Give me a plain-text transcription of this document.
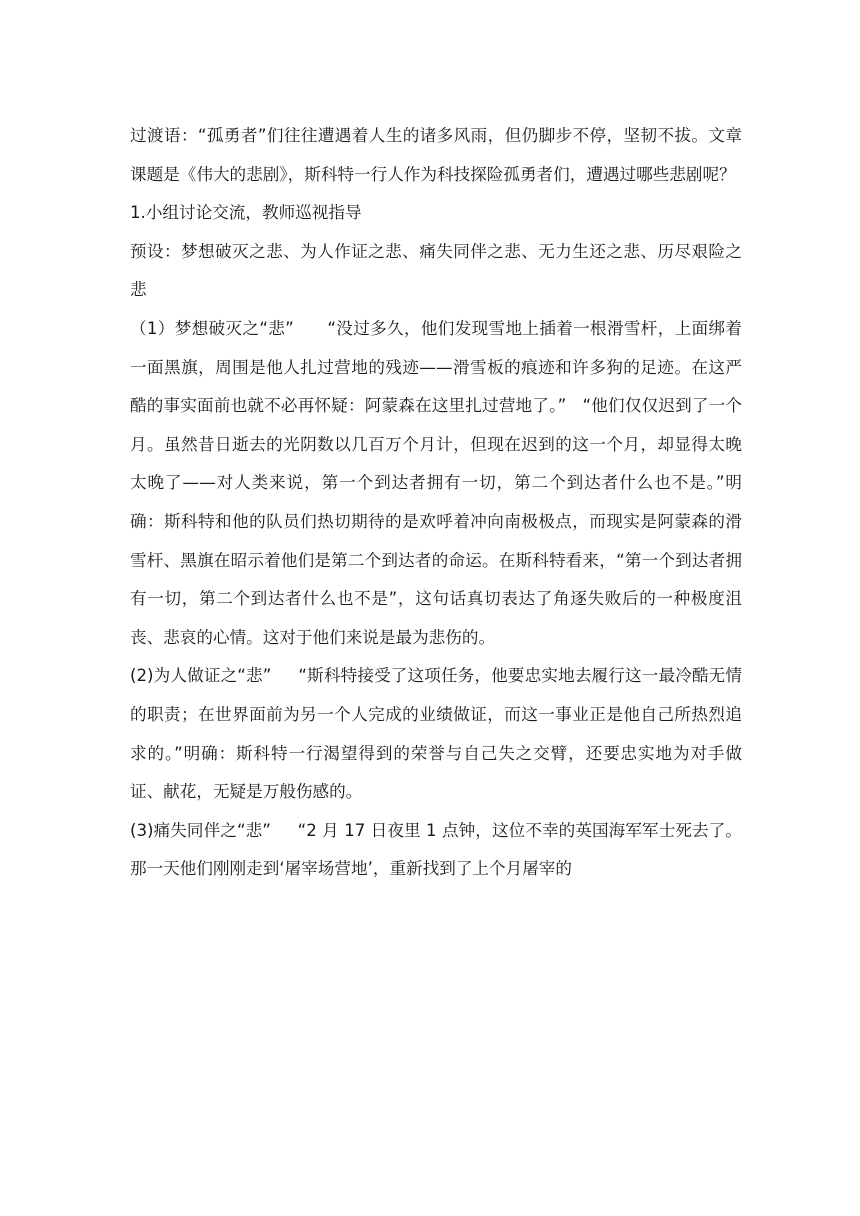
过渡语：“孤勇者”们往往遭遇着人生的诸多风雨，但仍脚步不停，坚韧不拔。文章课题是《伟大的悲剧》，斯科特一行人作为科技探险孤勇者们，遭遇过哪些悲剧呢？

1.小组讨论交流，教师巡视指导

预设：梦想破灭之悲、为人作证之悲、痛失同伴之悲、无力生还之悲、历尽艰险之悲

（1）梦想破灭之“悲”      “没过多久，他们发现雪地上插着一根滑雪杆，上面绑着一面黑旗，周围是他人扎过营地的残迹——滑雪板的痕迹和许多狗的足迹。在这严酷的事实面前也就不必再怀疑：阿蒙森在这里扎过营地了。”   “他们仅仅迟到了一个月。虽然昔日逝去的光阴数以几百万个月计，但现在迟到的这一个月，却显得太晚太晚了——对人类来说，第一个到达者拥有一切，第二个到达者什么也不是。”明确：斯科特和他的队员们热切期待的是欢呼着冲向南极极点，而现实是阿蒙森的滑雪杆、黑旗在昭示着他们是第二个到达者的命运。在斯科特看来，“第一个到达者拥有一切，第二个到达者什么也不是”，这句话真切表达了角逐失败后的一种极度沮丧、悲哀的心情。这对于他们来说是最为悲伤的。

(2)为人做证之“悲”     “斯科特接受了这项任务，他要忠实地去履行这一最冷酷无情的职责；在世界面前为另一个人完成的业绩做证，而这一事业正是他自己所热烈追求的。”明确：斯科特一行渴望得到的荣誉与自己失之交臂，还要忠实地为对手做证、献花，无疑是万般伤感的。

(3)痛失同伴之“悲”     “2 月 17 日夜里 1 点钟，这位不幸的英国海军军士死去了。那一天他们刚刚走到‘屠宰场营地’，重新找到了上个月屠宰的
